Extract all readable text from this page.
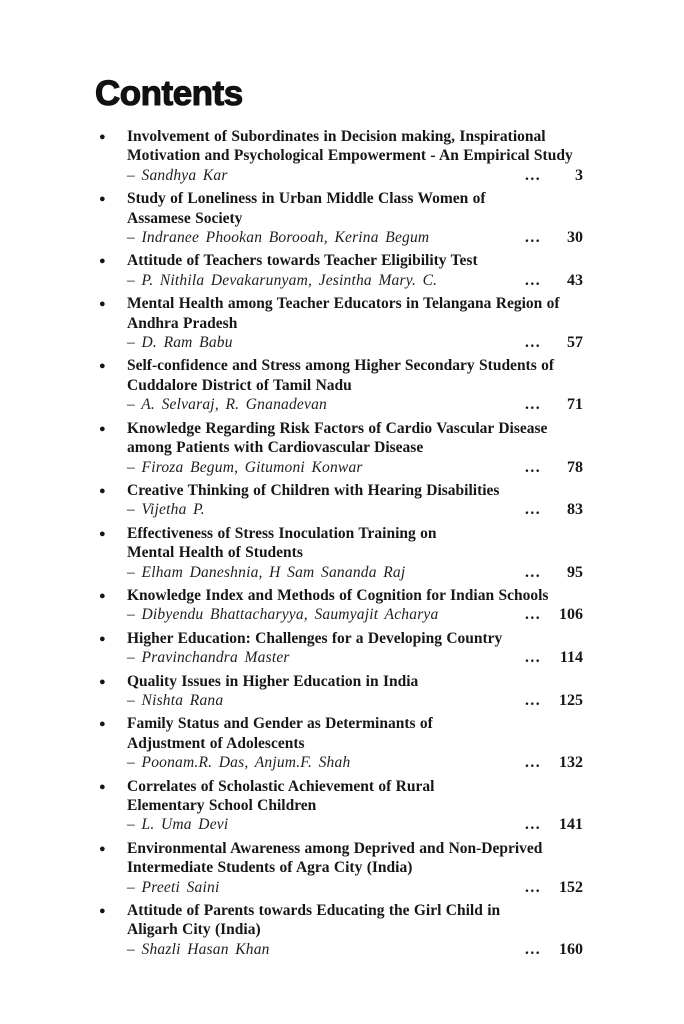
Contents
●	Involvement of Subordinates in Decision making, Inspirational
Motivation and Psychological Empowerment - An Empirical Study
– Sandhya Kar	...	3
●	Study of Loneliness in Urban Middle Class Women of
Assamese Society
– Indranee Phookan Borooah, Kerina Begum	...	30
●	Attitude of Teachers towards Teacher Eligibility Test
– P. Nithila Devakarunyam, Jesintha Mary. C.	...	43
●	Mental Health among Teacher Educators in Telangana Region of
Andhra Pradesh
– D. Ram Babu	...	57
●	Self-confidence and Stress among Higher Secondary Students of
Cuddalore District of Tamil Nadu
– A. Selvaraj, R. Gnanadevan	...	71
●	Knowledge Regarding Risk Factors of Cardio Vascular Disease
among Patients with Cardiovascular Disease
– Firoza Begum, Gitumoni Konwar	...	78
●	Creative Thinking of Children with Hearing Disabilities
– Vijetha P.	...	83
●	Effectiveness of Stress Inoculation Training on
Mental Health of Students
– Elham Daneshnia, H Sam Sananda Raj	...	95
●	Knowledge Index and Methods of Cognition for Indian Schools
– Dibyendu Bhattacharyya, Saumyajit Acharya	...	106
●	Higher Education: Challenges for a Developing Country
– Pravinchandra Master	...	114
●	Quality Issues in Higher Education in India
– Nishta Rana	...	125
●	Family Status and Gender as Determinants of
Adjustment of Adolescents
– Poonam.R. Das, Anjum.F. Shah	...	132
●	Correlates of Scholastic Achievement of Rural
Elementary School Children
– L. Uma Devi	...	141
●	Environmental Awareness among Deprived and Non-Deprived
Intermediate Students of Agra City (India)
– Preeti Saini	...	152
●	Attitude of Parents towards Educating the Girl Child in
Aligarh City (India)
– Shazli Hasan Khan	...	160
